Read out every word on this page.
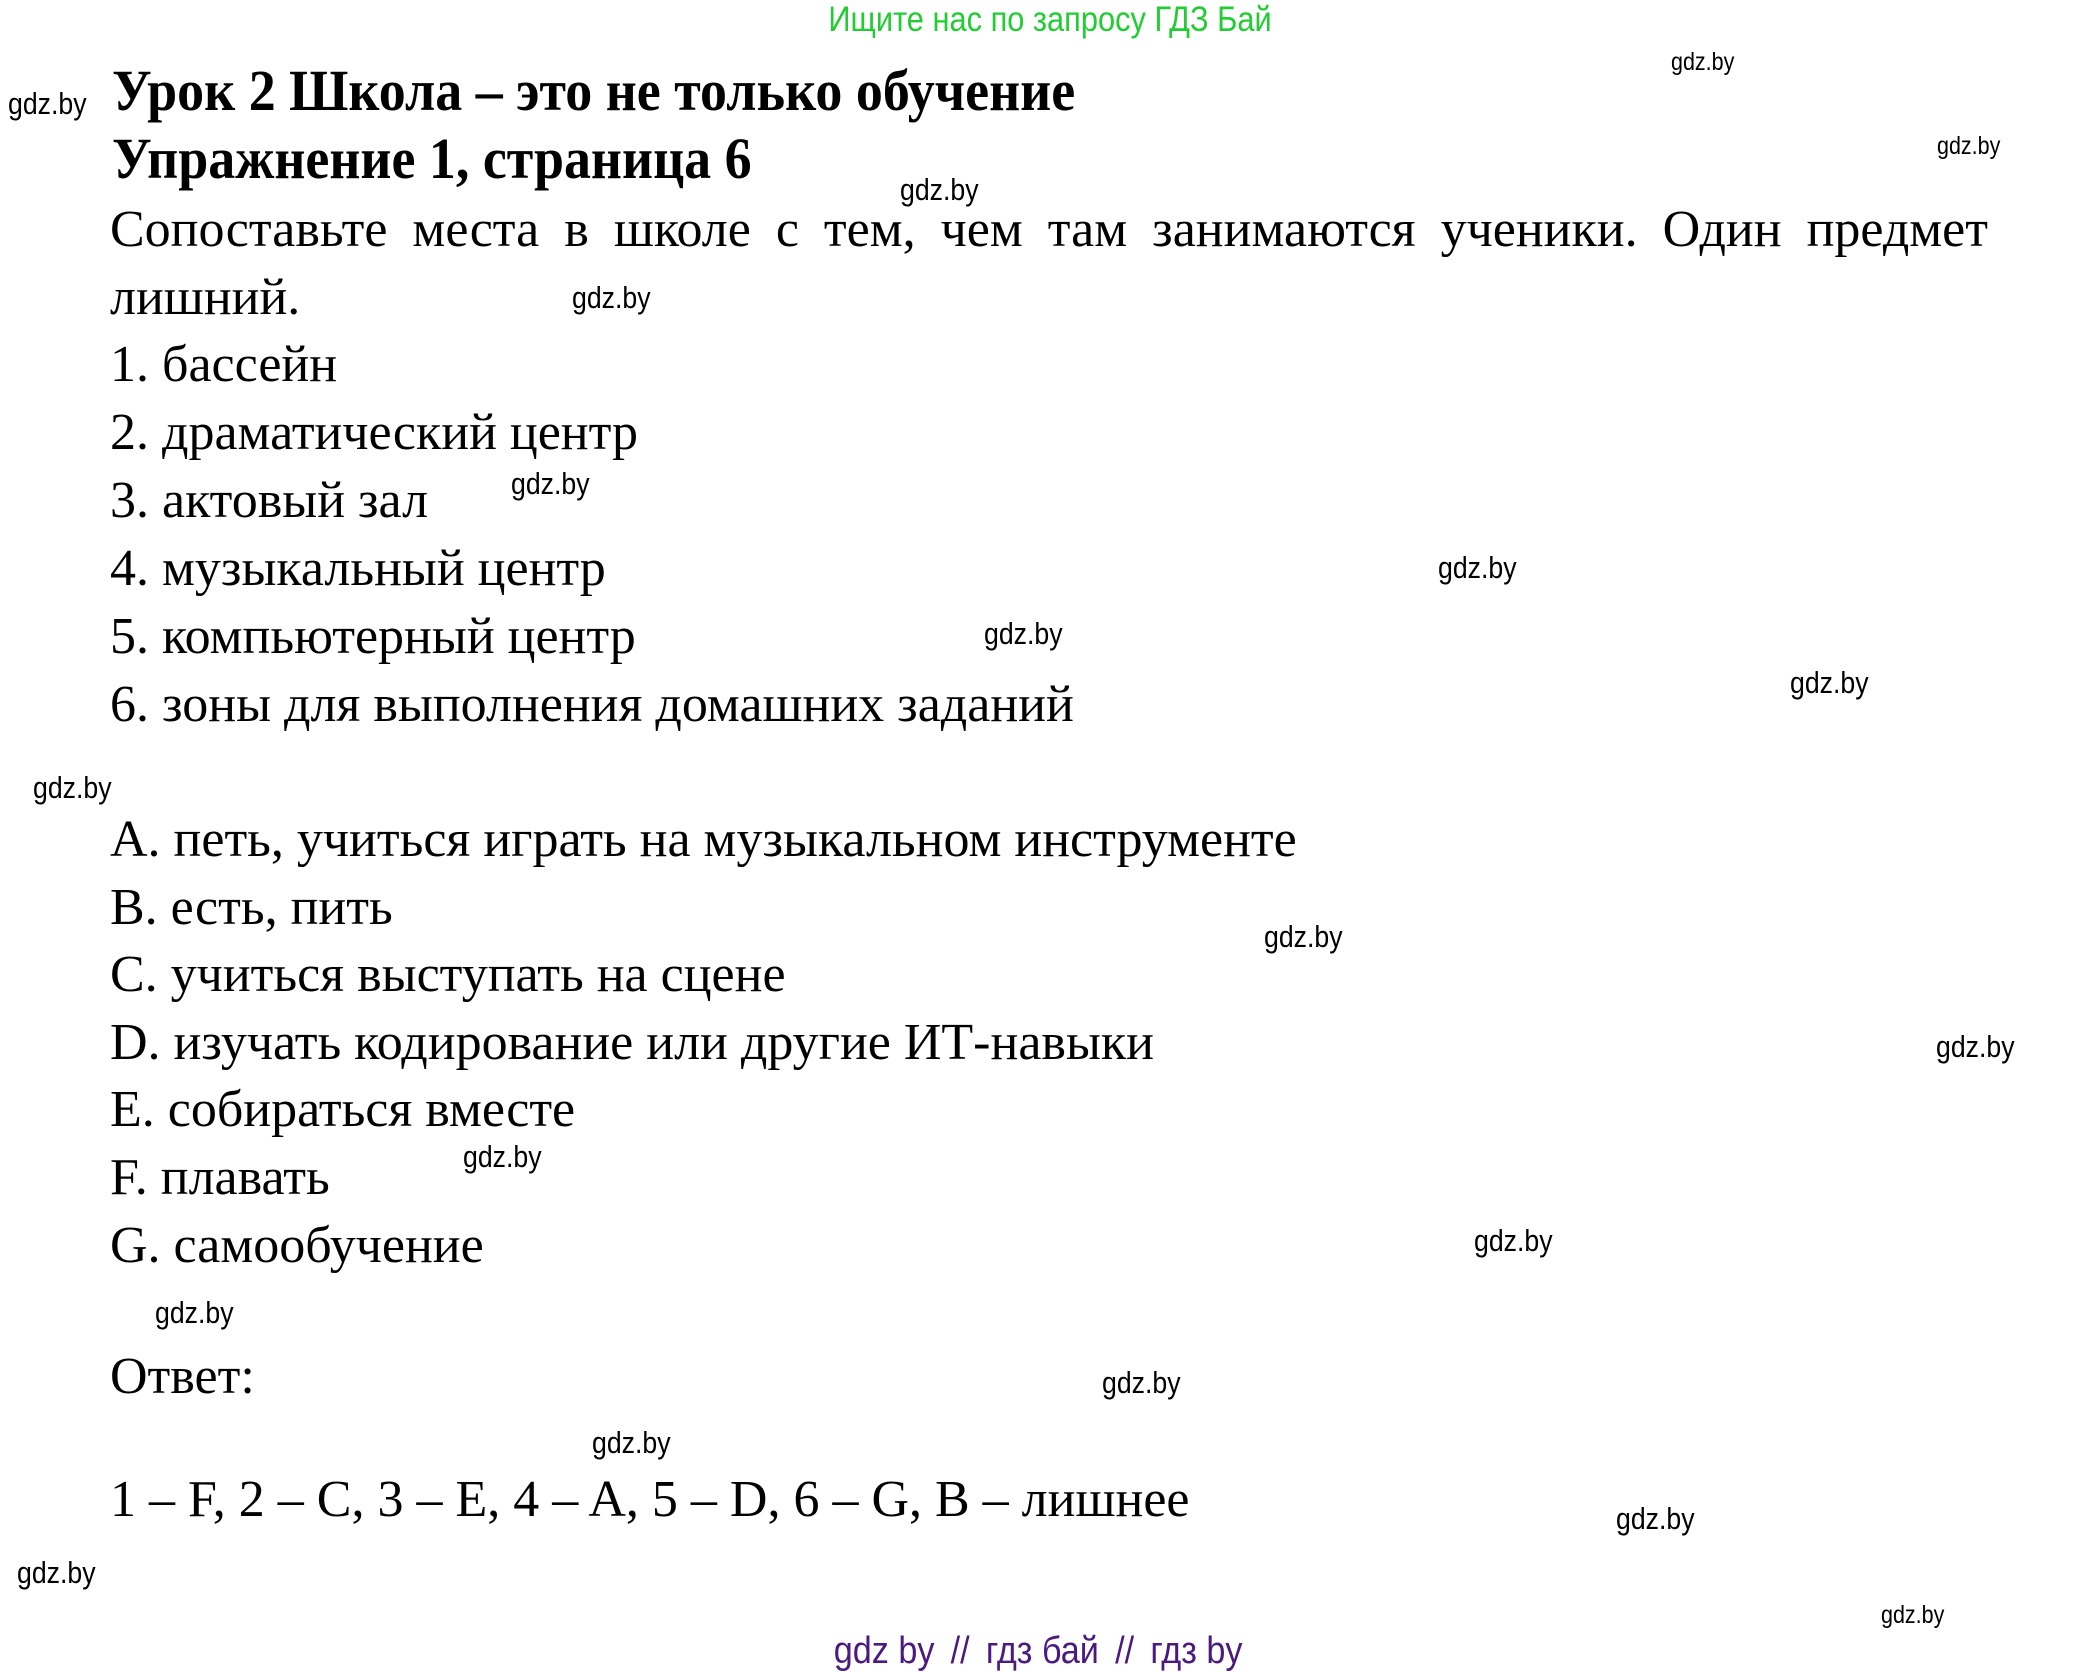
Ищите нас по запросу ГДЗ Бай
Урок 2 Школа – это не только обучение
Упражнение 1, страница 6
Сопоставьте места в школе с тем, чем там занимаются ученики. Один предмет лишний.
1. бассейн
2. драматический центр
3. актовый зал
4. музыкальный центр
5. компьютерный центр
6. зоны для выполнения домашних заданий
A. петь, учиться играть на музыкальном инструменте
B. есть, пить
C. учиться выступать на сцене
D. изучать кодирование или другие ИТ-навыки
E. собираться вместе
F. плавать
G. самообучение
Ответ:
1 – F, 2 – C, 3 – E, 4 – A, 5 – D, 6 – G, B – лишнее
gdz.by
gdz.by
gdz.by
gdz.by
gdz.by
gdz.by
gdz.by
gdz.by
gdz.by
gdz.by
gdz.by
gdz.by
gdz.by
gdz.by
gdz.by
gdz.by
gdz.by
gdz.by
gdz.by
gdz.by
gdz by // гдз бай // гдз by
